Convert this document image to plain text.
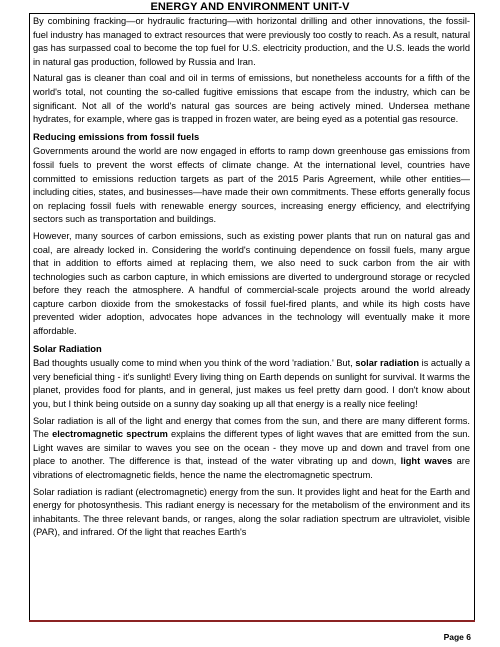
ENERGY AND ENVIRONMENT UNIT-V

By combining fracking—or hydraulic fracturing—with horizontal drilling and other innovations, the fossil-fuel industry has managed to extract resources that were previously too costly to reach. As a result, natural gas has surpassed coal to become the top fuel for U.S. electricity production, and the U.S. leads the world in natural gas production, followed by Russia and Iran.

Natural gas is cleaner than coal and oil in terms of emissions, but nonetheless accounts for a fifth of the world's total, not counting the so-called fugitive emissions that escape from the industry, which can be significant. Not all of the world's natural gas sources are being actively mined. Undersea methane hydrates, for example, where gas is trapped in frozen water, are being eyed as a potential gas resource.

Reducing emissions from fossil fuels

Governments around the world are now engaged in efforts to ramp down greenhouse gas emissions from fossil fuels to prevent the worst effects of climate change. At the international level, countries have committed to emissions reduction targets as part of the 2015 Paris Agreement, while other entities—including cities, states, and businesses—have made their own commitments. These efforts generally focus on replacing fossil fuels with renewable energy sources, increasing energy efficiency, and electrifying sectors such as transportation and buildings.

However, many sources of carbon emissions, such as existing power plants that run on natural gas and coal, are already locked in. Considering the world's continuing dependence on fossil fuels, many argue that in addition to efforts aimed at replacing them, we also need to suck carbon from the air with technologies such as carbon capture, in which emissions are diverted to underground storage or recycled before they reach the atmosphere. A handful of commercial-scale projects around the world already capture carbon dioxide from the smokestacks of fossil fuel-fired plants, and while its high costs have prevented wider adoption, advocates hope advances in the technology will eventually make it more affordable.

Solar Radiation

Bad thoughts usually come to mind when you think of the word 'radiation.' But, solar radiation is actually a very beneficial thing - it's sunlight! Every living thing on Earth depends on sunlight for survival. It warms the planet, provides food for plants, and in general, just makes us feel pretty darn good. I don't know about you, but I think being outside on a sunny day soaking up all that energy is a really nice feeling!

Solar radiation is all of the light and energy that comes from the sun, and there are many different forms. The electromagnetic spectrum explains the different types of light waves that are emitted from the sun. Light waves are similar to waves you see on the ocean - they move up and down and travel from one place to another. The difference is that, instead of the water vibrating up and down, light waves are vibrations of electromagnetic fields, hence the name the electromagnetic spectrum.

Solar radiation is radiant (electromagnetic) energy from the sun. It provides light and heat for the Earth and energy for photosynthesis. This radiant energy is necessary for the metabolism of the environment and its inhabitants. The three relevant bands, or ranges, along the solar radiation spectrum are ultraviolet, visible (PAR), and infrared. Of the light that reaches Earth's

Page 6
